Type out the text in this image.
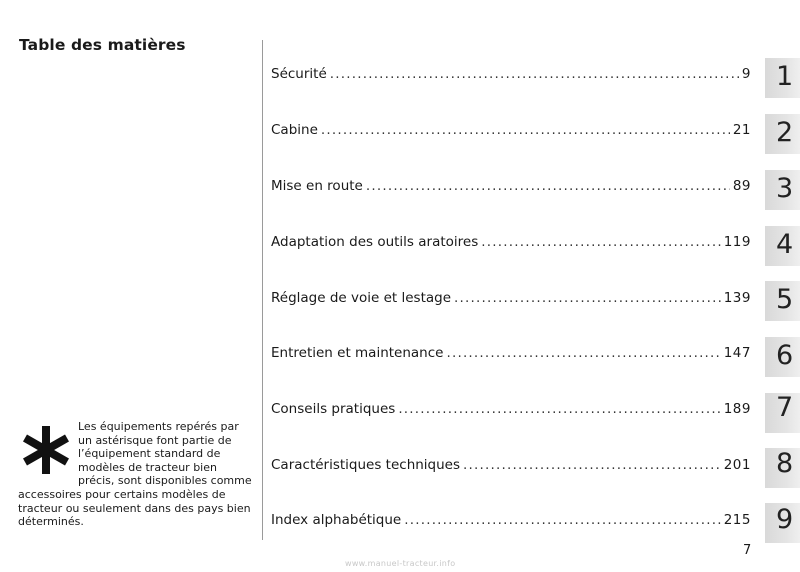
Table des matières
Sécurité .....	9
Cabine .....	21
Mise en route .....	89
Adaptation des outils aratoires .....	119
Réglage de voie et lestage .....	139
Entretien et maintenance .....	147
Conseils pratiques .....	189
Caractéristiques techniques .....	201
Index alphabétique .....	215
1
2
3
4
5
6
7
8
9

Les équipements repérés par un astérisque font partie de l’équipement standard de modèles de tracteur bien précis, sont disponibles comme accessoires pour certains modèles de tracteur ou seulement dans des pays bien déterminés.

7
www.manuel-tracteur.info
